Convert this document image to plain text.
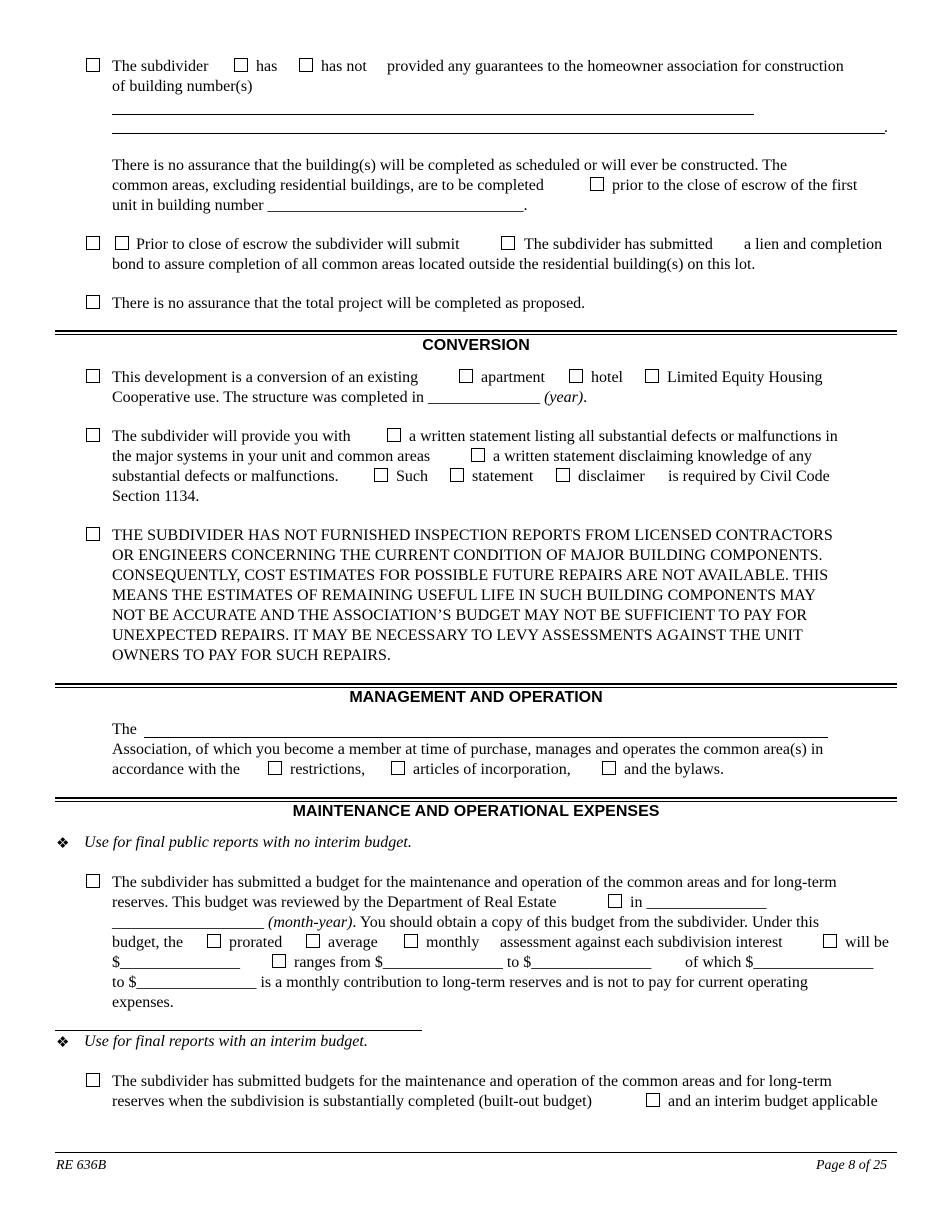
The subdivider	has	has not provided any guarantees to the homeowner association for construction
of building number(s)
.
There is no assurance that the building(s) will be completed as scheduled or will ever be constructed. The
common areas, excluding residential buildings, are to be completed	prior to the close of escrow of the first
unit in building number ________________________________.
Prior to close of escrow the subdivider will submit	The subdivider has submitted a lien and completion
bond to assure completion of all common areas located outside the residential building(s) on this lot.
There is no assurance that the total project will be completed as proposed.
CONVERSION
This development is a conversion of an existing	apartment	hotel	Limited Equity Housing
Cooperative use. The structure was completed in ______________ (year).
The subdivider will provide you with	a written statement listing all substantial defects or malfunctions in
the major systems in your unit and common areas	a written statement disclaiming knowledge of any
substantial defects or malfunctions.	Such	statement	disclaimer is required by Civil Code
Section 1134.
THE SUBDIVIDER HAS NOT FURNISHED INSPECTION REPORTS FROM LICENSED CONTRACTORS
OR ENGINEERS CONCERNING THE CURRENT CONDITION OF MAJOR BUILDING COMPONENTS.
CONSEQUENTLY, COST ESTIMATES FOR POSSIBLE FUTURE REPAIRS ARE NOT AVAILABLE. THIS
MEANS THE ESTIMATES OF REMAINING USEFUL LIFE IN SUCH BUILDING COMPONENTS MAY
NOT BE ACCURATE AND THE ASSOCIATION’S BUDGET MAY NOT BE SUFFICIENT TO PAY FOR
UNEXPECTED REPAIRS. IT MAY BE NECESSARY TO LEVY ASSESSMENTS AGAINST THE UNIT
OWNERS TO PAY FOR SUCH REPAIRS.
MANAGEMENT AND OPERATION
The
Association, of which you become a member at time of purchase, manages and operates the common area(s) in
accordance with the	restrictions,	articles of incorporation,	and the bylaws.
MAINTENANCE AND OPERATIONAL EXPENSES
❖ Use for final public reports with no interim budget.
The subdivider has submitted a budget for the maintenance and operation of the common areas and for long-term
reserves. This budget was reviewed by the Department of Real Estate	in _______________
___________________ (month-year). You should obtain a copy of this budget from the subdivider. Under this
budget, the	prorated	average	monthly assessment against each subdivision interest	will be
$_______________	ranges from $_______________ to $_______________ of which $_______________
to $_______________ is a monthly contribution to long-term reserves and is not to pay for current operating
expenses.
❖ Use for final reports with an interim budget.
The subdivider has submitted budgets for the maintenance and operation of the common areas and for long-term
reserves when the subdivision is substantially completed (built-out budget)	and an interim budget applicable
RE 636B	Page 8 of 25
